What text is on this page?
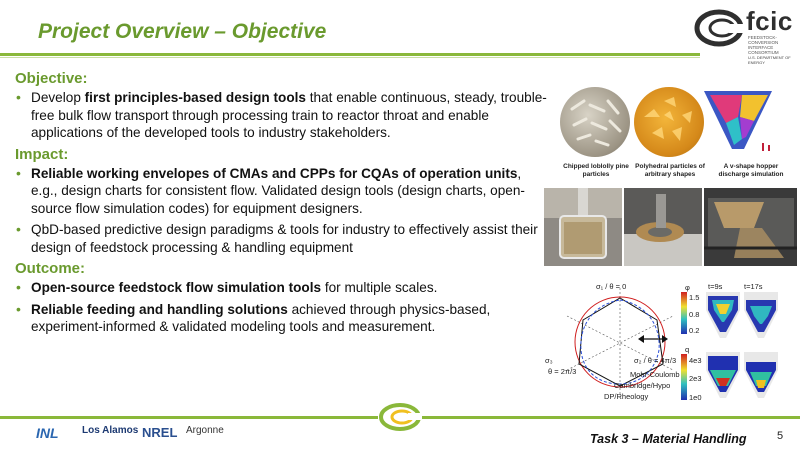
Project Overview – Objective	fcic
FEEDSTOCK-CONVERSION INTERFACE CONSORTIUM
U.S. DEPARTMENT OF ENERGY
Objective:
• Develop first principles-based design tools that enable continuous, steady, trouble-free bulk flow transport through processing train to reactor throat and enable applications of the developed tools to industry stakeholders.
Impact:
• Reliable working envelopes of CMAs and CPPs for CQAs of operation units, e.g., design charts for consistent flow. Validated design tools (design charts, open-source flow simulation codes) for equipment designers.
• QbD-based predictive design paradigms & tools for industry to effectively assist their design of feedstock processing & handling equipment
Outcome:
• Open-source feedstock flow simulation tools for multiple scales.
• Reliable feeding and handling solutions achieved through physics-based, experiment-informed & validated modeling tools and measurement.
Chipped loblolly pine particles
Polyhedral particles of arbitrary shapes
A v-shape hopper discharge simulation
σ₁ / θ = 0
σ₃
θ = 2π/3
σ₂ / θ = 4π/3
Mohr-Coulomb
Cambridge/Hypo
DP/Rheology
φ
1.5
0.8
0.2
q
4e3
2e3
1e0
t=9s	t=17s
INL Los Alamos NREL Argonne
Task 3 – Material Handling	5
